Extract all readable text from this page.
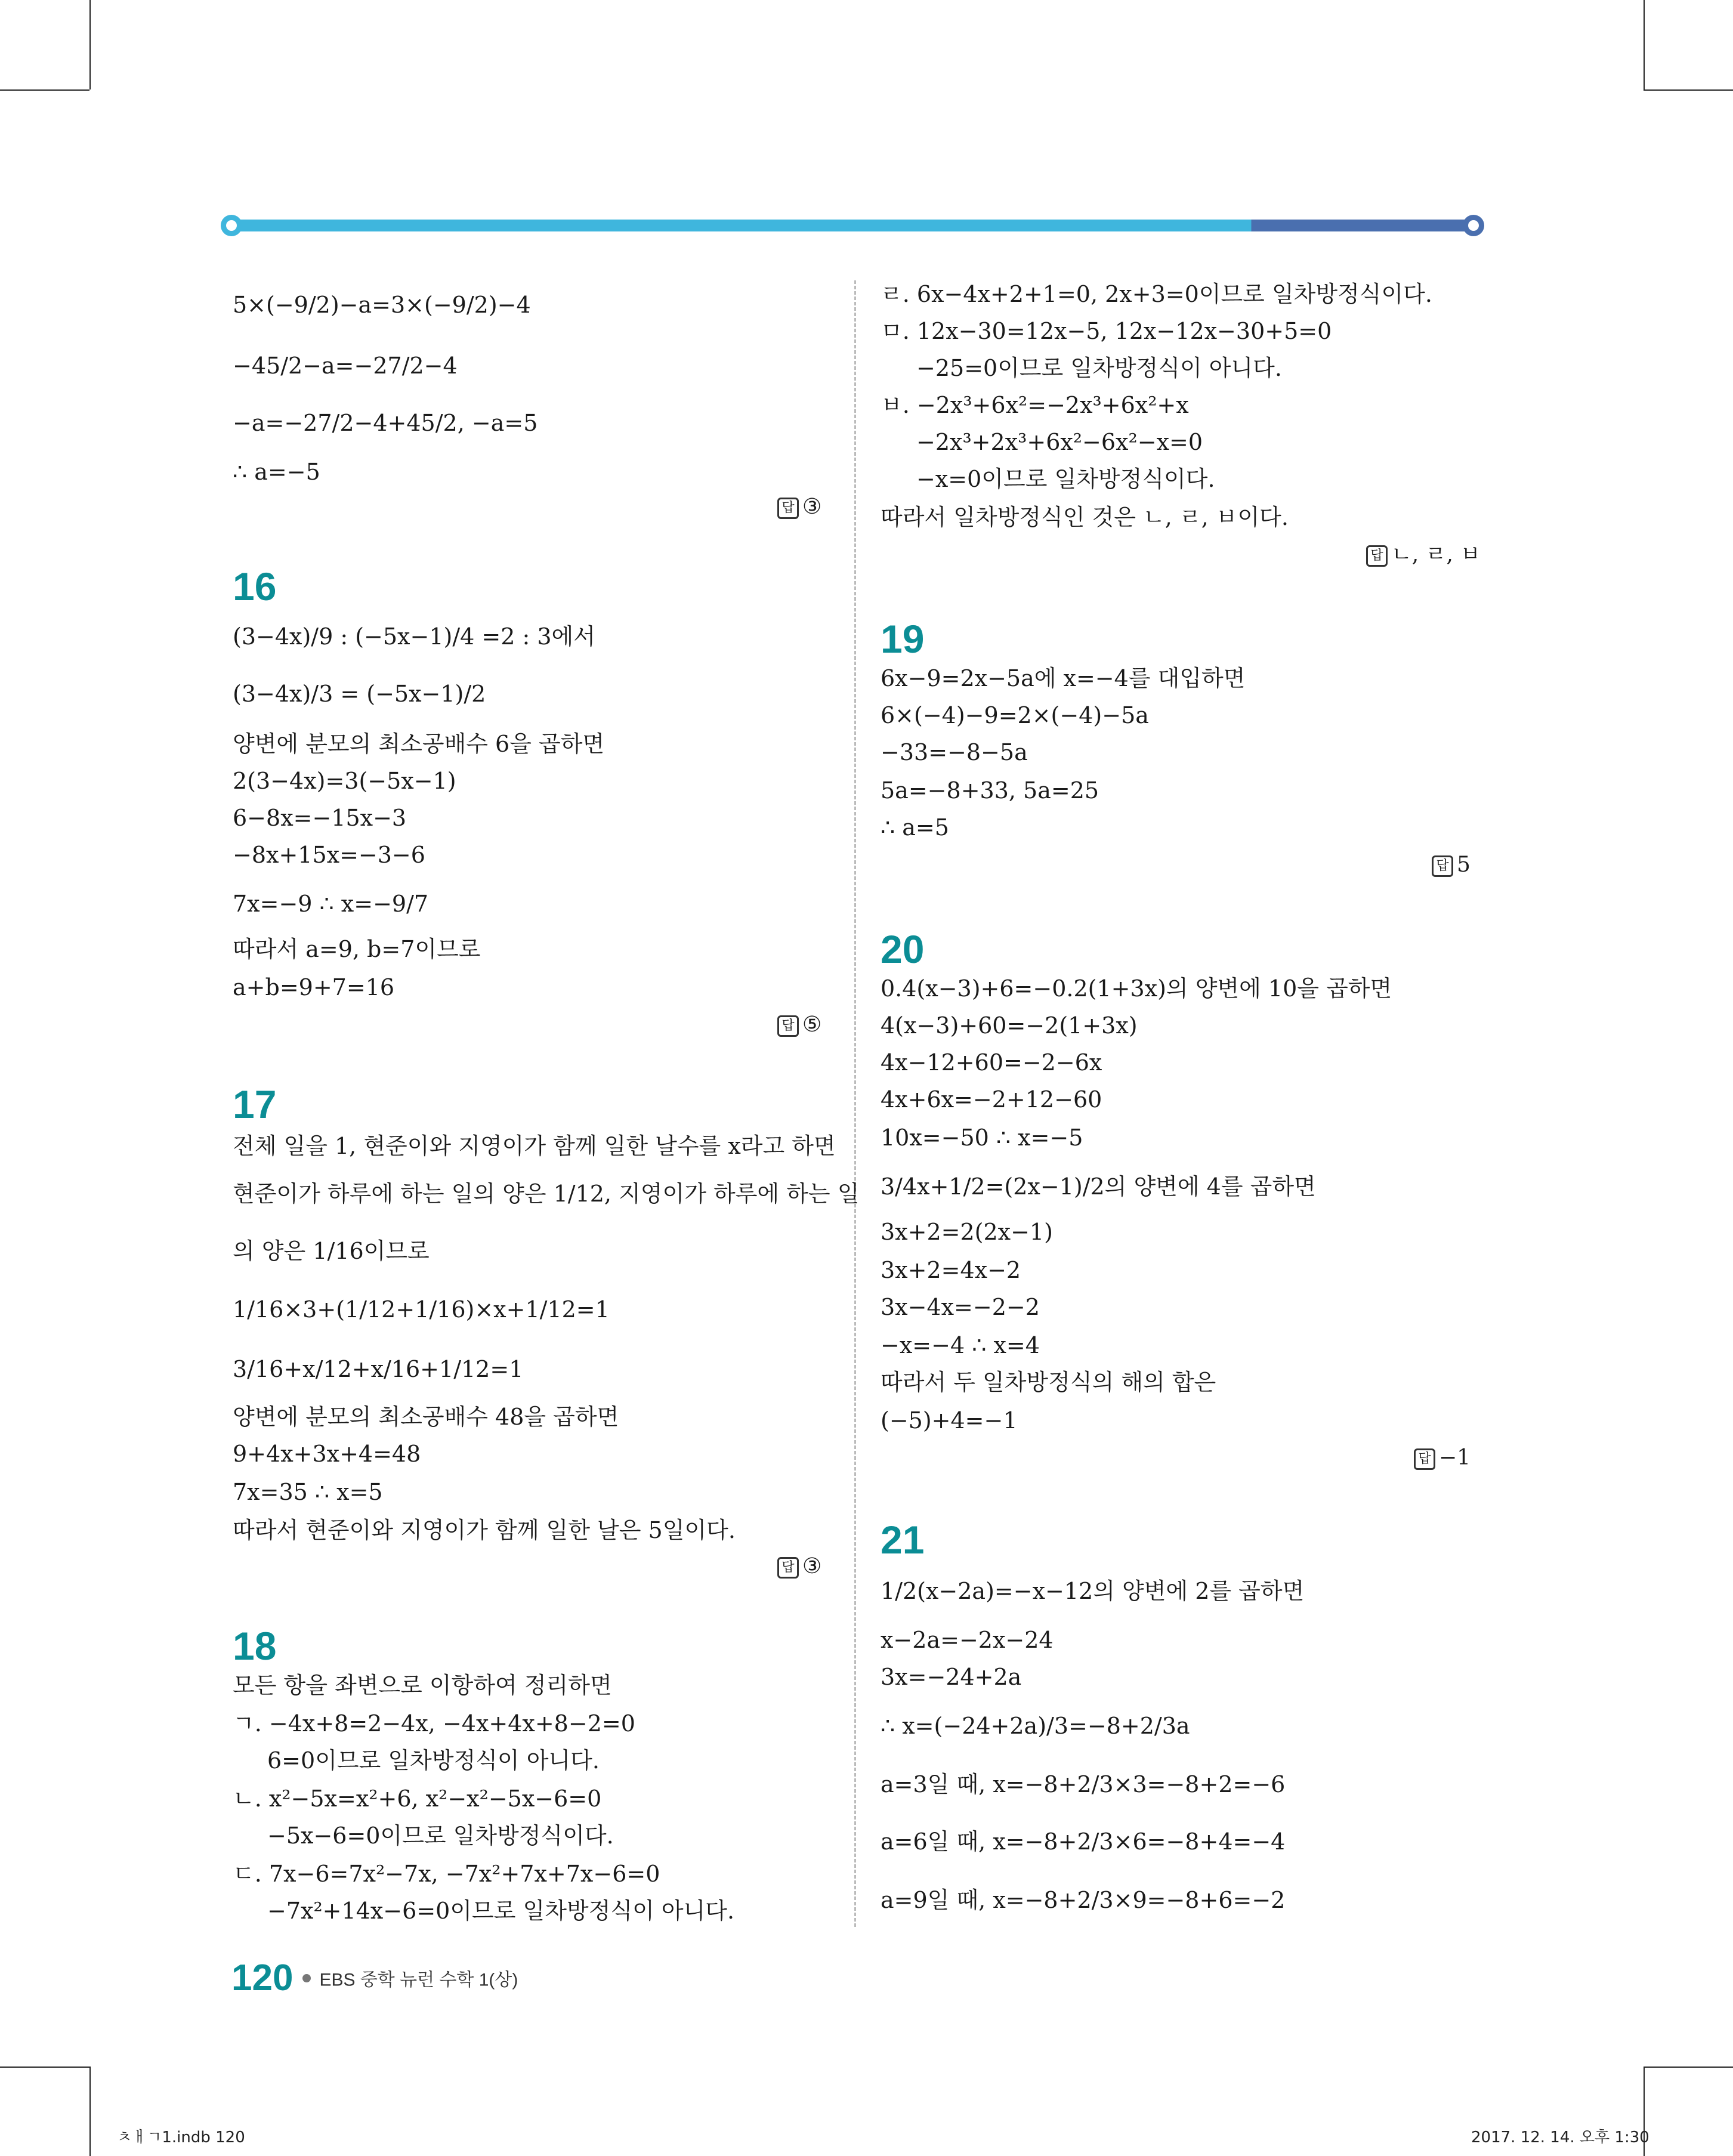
5×(−9/2)−a=3×(−9/2)−4
−45/2−a=−27/2−4
−a=−27/2−4+45/2, −a=5
∴ a=−5
답 ③
16
(3−4x)/9 : (−5x−1)/4 =2 : 3에서
(3−4x)/3 = (−5x−1)/2
양변에 분모의 최소공배수 6을 곱하면
2(3−4x)=3(−5x−1)
6−8x=−15x−3
−8x+15x=−3−6
7x=−9 ∴ x=−9/7
따라서 a=9, b=7이므로
a+b=9+7=16
답 ⑤
17
전체 일을 1, 현준이와 지영이가 함께 일한 날수를 x라고 하면
현준이가 하루에 하는 일의 양은 1/12, 지영이가 하루에 하는 일
의 양은 1/16이므로
1/16×3+(1/12+1/16)×x+1/12=1
3/16+x/12+x/16+1/12=1
양변에 분모의 최소공배수 48을 곱하면
9+4x+3x+4=48
7x=35 ∴ x=5
따라서 현준이와 지영이가 함께 일한 날은 5일이다.
답 ③
18
모든 항을 좌변으로 이항하여 정리하면
ㄱ. −4x+8=2−4x, −4x+4x+8−2=0
6=0이므로 일차방정식이 아니다.
ㄴ. x²−5x=x²+6, x²−x²−5x−6=0
−5x−6=0이므로 일차방정식이다.
ㄷ. 7x−6=7x²−7x, −7x²+7x+7x−6=0
−7x²+14x−6=0이므로 일차방정식이 아니다.
ㄹ. 6x−4x+2+1=0, 2x+3=0이므로 일차방정식이다.
ㅁ. 12x−30=12x−5, 12x−12x−30+5=0
−25=0이므로 일차방정식이 아니다.
ㅂ. −2x³+6x²=−2x³+6x²+x
−2x³+2x³+6x²−6x²−x=0
−x=0이므로 일차방정식이다.
따라서 일차방정식인 것은 ㄴ, ㄹ, ㅂ이다.
답 ㄴ, ㄹ, ㅂ
19
6x−9=2x−5a에 x=−4를 대입하면
6×(−4)−9=2×(−4)−5a
−33=−8−5a
5a=−8+33, 5a=25
∴ a=5
답 5
20
0.4(x−3)+6=−0.2(1+3x)의 양변에 10을 곱하면
4(x−3)+60=−2(1+3x)
4x−12+60=−2−6x
4x+6x=−2+12−60
10x=−50 ∴ x=−5
3/4x+1/2=(2x−1)/2의 양변에 4를 곱하면
3x+2=2(2x−1)
3x+2=4x−2
3x−4x=−2−2
−x=−4 ∴ x=4
따라서 두 일차방정식의 해의 합은
(−5)+4=−1
답 −1
21
1/2(x−2a)=−x−12의 양변에 2를 곱하면
x−2a=−2x−24
3x=−24+2a
∴ x=(−24+2a)/3=−8+2/3a
a=3일 때, x=−8+2/3×3=−8+2=−6
a=6일 때, x=−8+2/3×6=−8+4=−4
a=9일 때, x=−8+2/3×9=−8+6=−2
120 EBS 중학 뉴런 수학 1(상)
ㅊㅐㄱ1.indb 120	2017. 12. 14. 오후 1:30
